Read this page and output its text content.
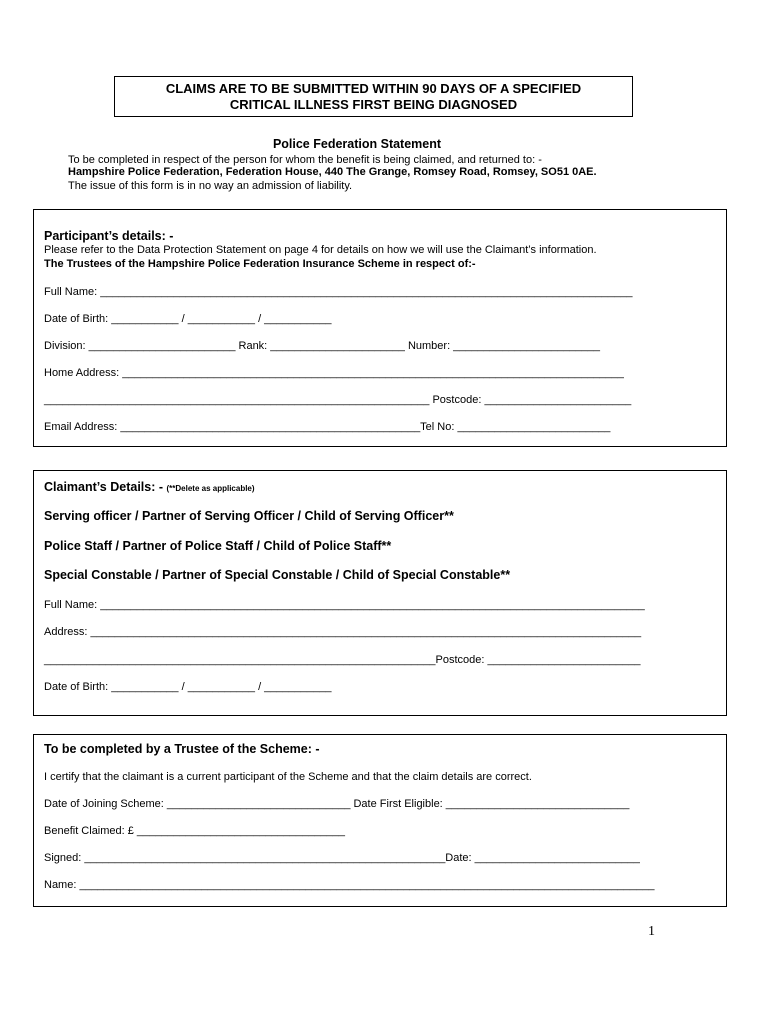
CLAIMS ARE TO BE SUBMITTED WITHIN 90 DAYS OF A SPECIFIED
CRITICAL ILLNESS FIRST BEING DIAGNOSED
Police Federation Statement
To be completed in respect of the person for whom the benefit is being claimed, and returned to: -
Hampshire Police Federation, Federation House, 440 The Grange, Romsey Road, Romsey, SO51 0AE.
The issue of this form is in no way an admission of liability.
Participant’s details: -
Please refer to the Data Protection Statement on page 4 for details on how we will use the Claimant’s information.
The Trustees of the Hampshire Police Federation Insurance Scheme in respect of:-
Full Name: _______________________________________________________________________________________
Date of Birth: ___________ / ___________ / ___________
Division: ________________________ Rank: ______________________ Number: ________________________
Home Address: __________________________________________________________________________________
_______________________________________________________________ Postcode: ________________________
Email Address: _________________________________________________Tel No: _________________________
Claimant’s Details: - (**Delete as applicable)
Serving officer / Partner of Serving Officer / Child of Serving Officer**
Police Staff / Partner of Police Staff / Child of Police Staff**
Special Constable / Partner of Special Constable / Child of Special Constable**
Full Name: _________________________________________________________________________________________
Address: __________________________________________________________________________________________
________________________________________________________________Postcode: _________________________
Date of Birth: ___________ / ___________ / ___________
To be completed by a Trustee of the Scheme: -
I certify that the claimant is a current participant of the Scheme and that the claim details are correct.
Date of Joining Scheme: ______________________________ Date First Eligible: ______________________________
Benefit Claimed: £ __________________________________
Signed: ___________________________________________________________Date: ___________________________
Name: ______________________________________________________________________________________________
1
